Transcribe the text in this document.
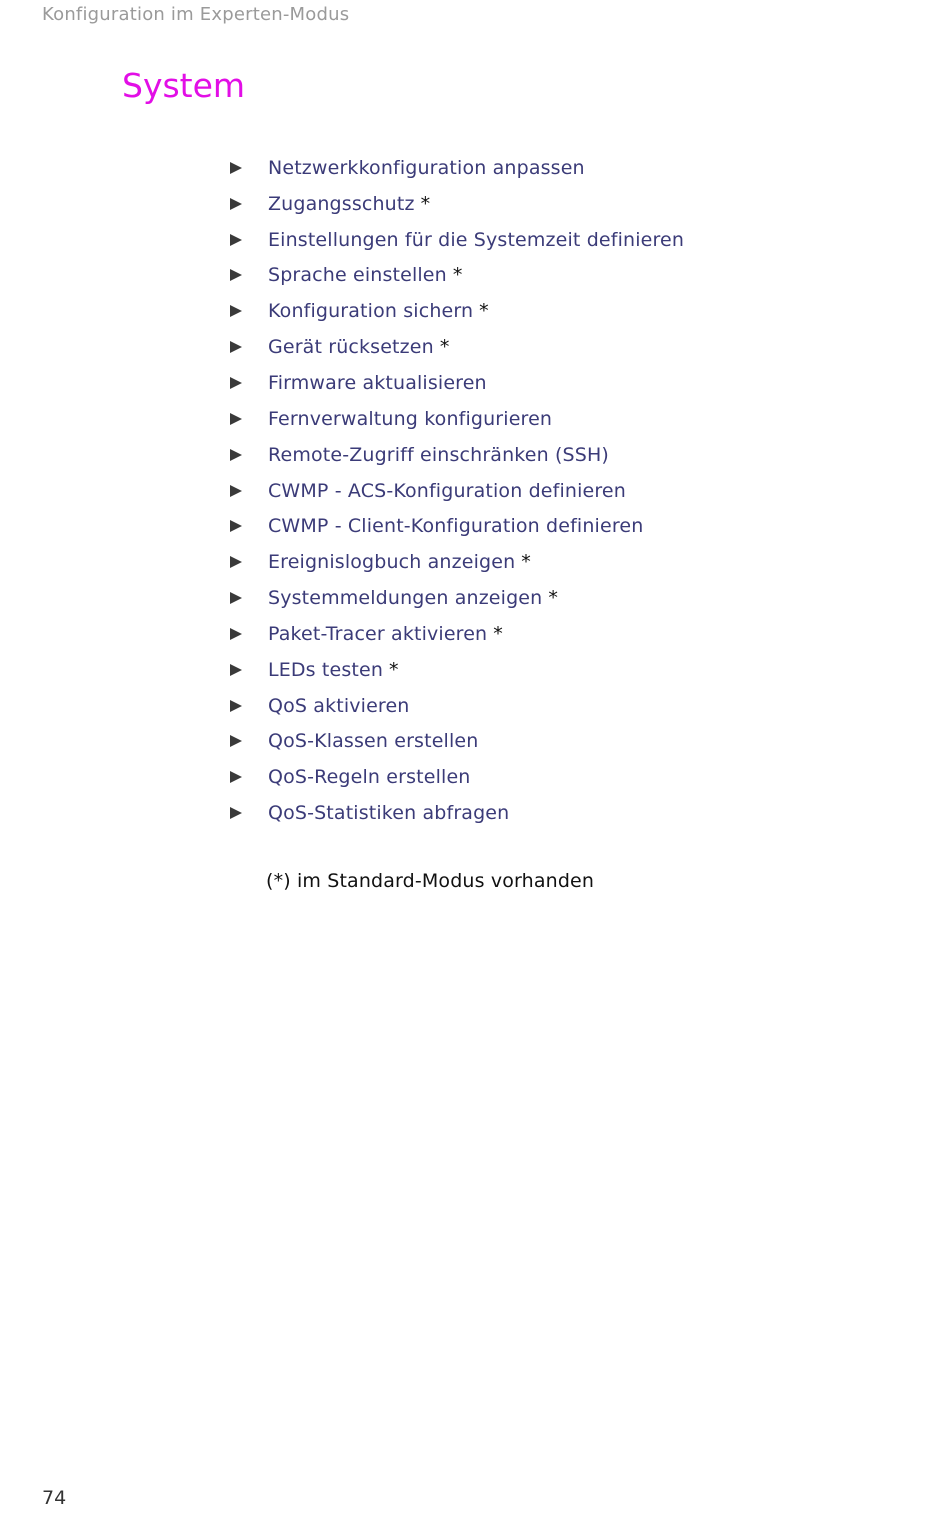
Konfiguration im Experten-Modus
System
Netzwerkkonfiguration anpassen
Zugangsschutz *
Einstellungen für die Systemzeit definieren
Sprache einstellen *
Konfiguration sichern *
Gerät rücksetzen *
Firmware aktualisieren
Fernverwaltung konfigurieren
Remote-Zugriff einschränken (SSH)
CWMP - ACS-Konfiguration definieren
CWMP - Client-Konfiguration definieren
Ereignislogbuch anzeigen *
Systemmeldungen anzeigen *
Paket-Tracer aktivieren *
LEDs testen *
QoS aktivieren
QoS-Klassen erstellen
QoS-Regeln erstellen
QoS-Statistiken abfragen
(*) im Standard-Modus vorhanden
74
